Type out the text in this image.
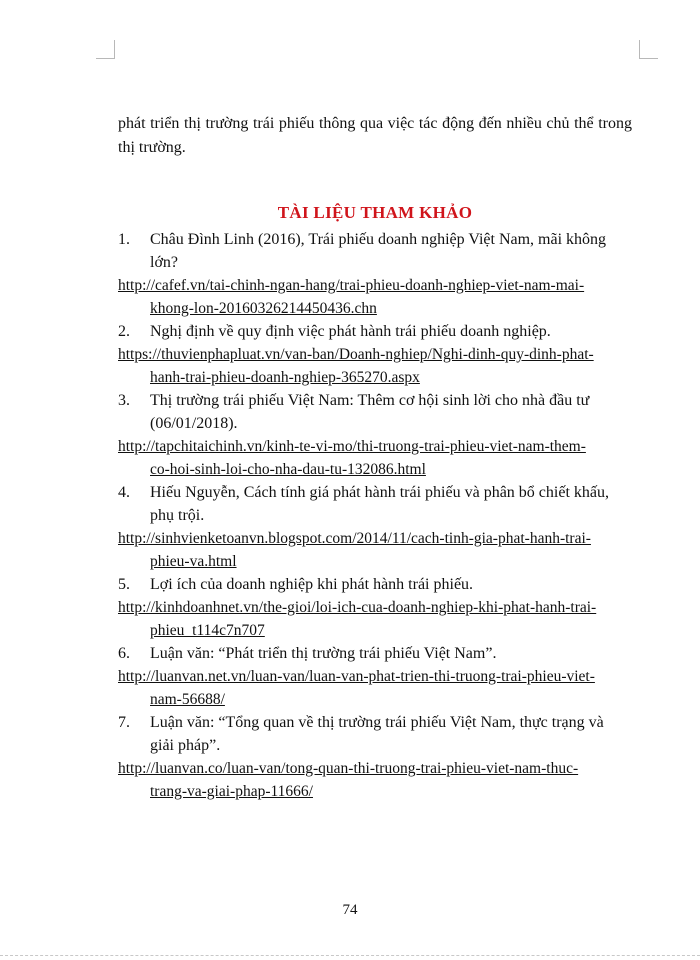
phát triển thị trường trái phiếu thông qua việc tác động đến nhiều chủ thể trong thị trường.

TÀI LIỆU THAM KHẢO
1.	Châu Đình Linh (2016), Trái phiếu doanh nghiệp Việt Nam, mãi không
lớn?
http://cafef.vn/tai-chinh-ngan-hang/trai-phieu-doanh-nghiep-viet-nam-mai-
khong-lon-20160326214450436.chn
2.	Nghị định về quy định việc phát hành trái phiếu doanh nghiệp.
https://thuvienphapluat.vn/van-ban/Doanh-nghiep/Nghi-dinh-quy-dinh-phat-
hanh-trai-phieu-doanh-nghiep-365270.aspx
3.	Thị trường trái phiếu Việt Nam: Thêm cơ hội sinh lời cho nhà đầu tư
(06/01/2018).
http://tapchitaichinh.vn/kinh-te-vi-mo/thi-truong-trai-phieu-viet-nam-them-
co-hoi-sinh-loi-cho-nha-dau-tu-132086.html
4.	Hiếu Nguyễn, Cách tính giá phát hành trái phiếu và phân bổ chiết khấu,
phụ trội.
http://sinhvienketoanvn.blogspot.com/2014/11/cach-tinh-gia-phat-hanh-trai-
phieu-va.html
5.	Lợi ích của doanh nghiệp khi phát hành trái phiếu.
http://kinhdoanhnet.vn/the-gioi/loi-ich-cua-doanh-nghiep-khi-phat-hanh-trai-
phieu_t114c7n707
6.	Luận văn: “Phát triển thị trường trái phiếu Việt Nam”.
http://luanvan.net.vn/luan-van/luan-van-phat-trien-thi-truong-trai-phieu-viet-
nam-56688/
7.	Luận văn: “Tổng quan về thị trường trái phiếu Việt Nam, thực trạng và
giải pháp”.
http://luanvan.co/luan-van/tong-quan-thi-truong-trai-phieu-viet-nam-thuc-
trang-va-giai-phap-11666/
74
